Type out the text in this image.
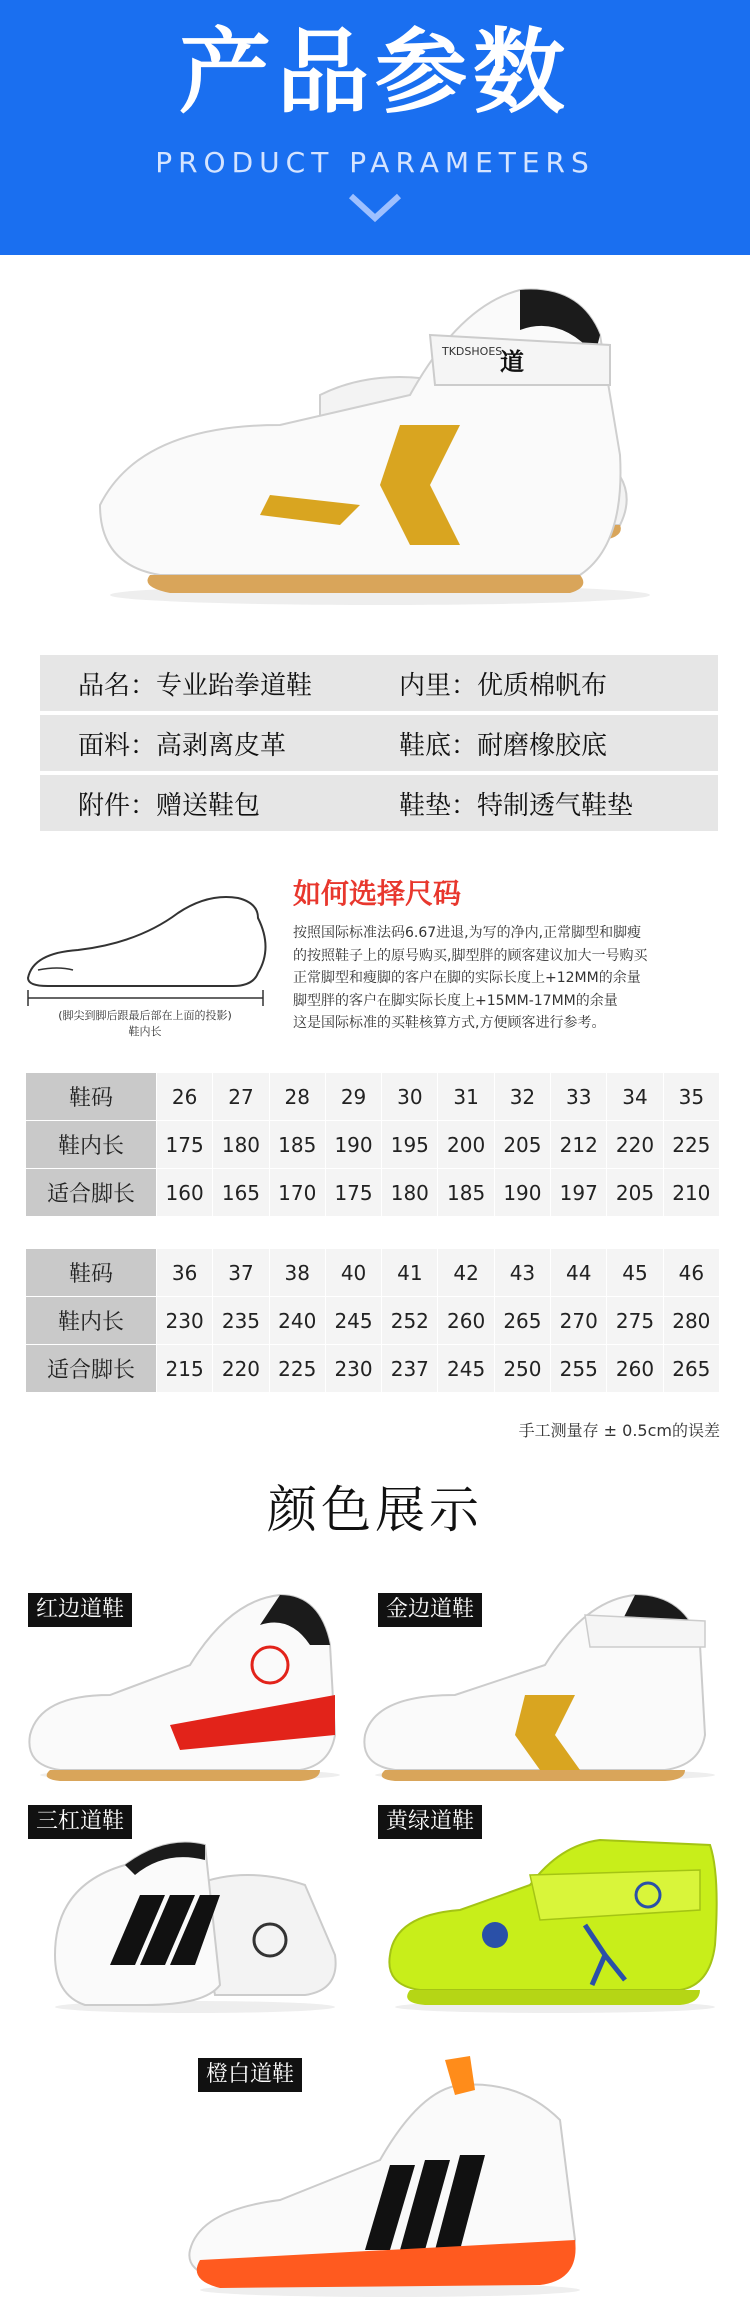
产品参数
PRODUCT PARAMETERS
道
TKDSHOES
品名： 专业跆拳道鞋	内里： 优质棉帆布
面料： 高剥离皮革	鞋底： 耐磨橡胶底
附件： 赠送鞋包	鞋垫： 特制透气鞋垫
(脚尖到脚后跟最后部在上面的投影)
鞋内长
如何选择尺码
按照国际标准法码6.67进退,为写的净内,正常脚型和脚瘦
的按照鞋子上的原号购买,脚型胖的顾客建议加大一号购买
正常脚型和瘦脚的客户在脚的实际长度上+12MM的余量
脚型胖的客户在脚实际长度上+15MM-17MM的余量
这是国际标准的买鞋核算方式,方便顾客进行参考。
鞋码	26	27	28	29	30	31	32	33	34	35
鞋内长	175	180	185	190	195	200	205	212	220	225
适合脚长	160	165	170	175	180	185	190	197	205	210
鞋码	36	37	38	40	41	42	43	44	45	46
鞋内长	230	235	240	245	252	260	265	270	275	280
适合脚长	215	220	225	230	237	245	250	255	260	265
手工测量存 ± 0.5cm的误差
颜色展示
红边道鞋	金边道鞋
三杠道鞋	黄绿道鞋
橙白道鞋
